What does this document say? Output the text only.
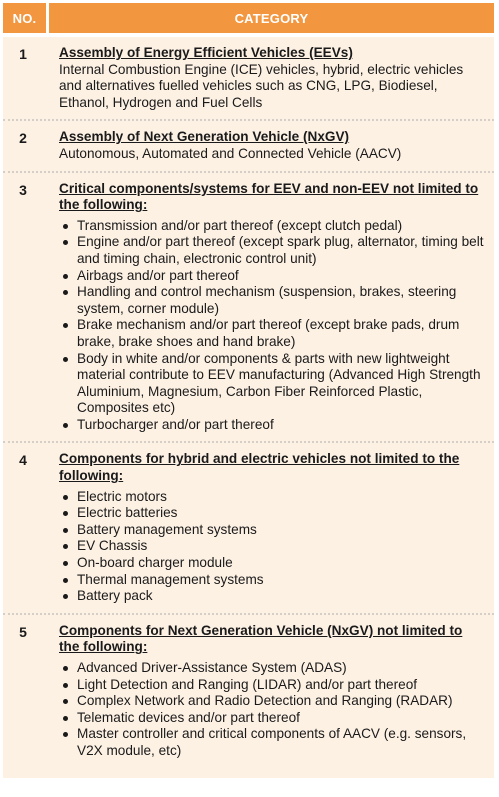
NO.	CATEGORY
1	Assembly of Energy Efficient Vehicles (EEVs)
Internal Combustion Engine (ICE) vehicles, hybrid, electric vehicles and alternatives fuelled vehicles such as CNG, LPG, Biodiesel, Ethanol, Hydrogen and Fuel Cells
2	Assembly of Next Generation Vehicle (NxGV)
Autonomous, Automated and Connected Vehicle (AACV)
3	Critical components/systems for EEV and non-EEV not limited to the following:
Transmission and/or part thereof (except clutch pedal)
Engine and/or part thereof (except spark plug, alternator, timing belt and timing chain, electronic control unit)
Airbags and/or part thereof
Handling and control mechanism (suspension, brakes, steering system, corner module)
Brake mechanism and/or part thereof (except brake pads, drum brake, brake shoes and hand brake)
Body in white and/or components & parts with new lightweight material contribute to EEV manufacturing (Advanced High Strength Aluminium, Magnesium, Carbon Fiber Reinforced Plastic, Composites etc)
Turbocharger and/or part thereof
4	Components for hybrid and electric vehicles not limited to the following:
Electric motors
Electric batteries
Battery management systems
EV Chassis
On-board charger module
Thermal management systems
Battery pack
5	Components for Next Generation Vehicle (NxGV) not limited to the following:
Advanced Driver-Assistance System (ADAS)
Light Detection and Ranging (LIDAR) and/or part thereof
Complex Network and Radio Detection and Ranging (RADAR)
Telematic devices and/or part thereof
Master controller and critical components of AACV (e.g. sensors, V2X module, etc)
